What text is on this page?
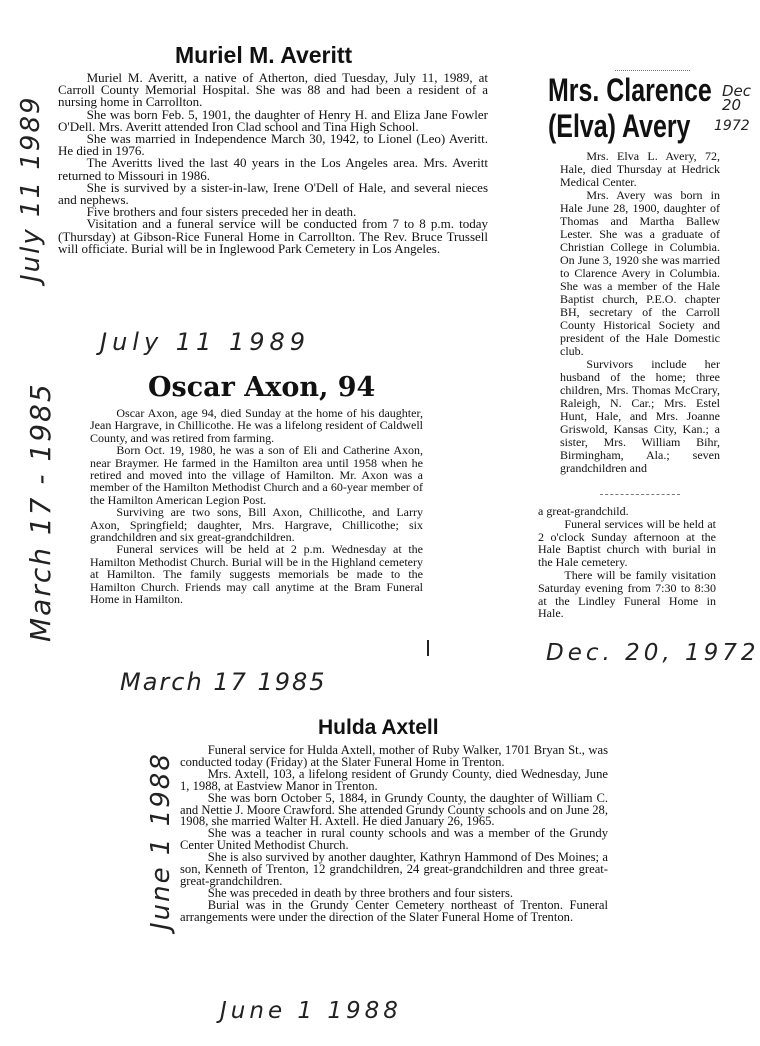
Muriel M. Averitt

Muriel M. Averitt, a native of Atherton, died Tuesday, July 11, 1989, at Carroll County Memorial Hospital. She was 88 and had been a resident of a nursing home in Carrollton.

She was born Feb. 5, 1901, the daughter of Henry H. and Eliza Jane Fowler O'Dell. Mrs. Averitt attended Iron Clad school and Tina High School.

She was married in Independence March 30, 1942, to Lionel (Leo) Averitt. He died in 1976.

The Averitts lived the last 40 years in the Los Angeles area. Mrs. Averitt returned to Missouri in 1986.

She is survived by a sister-in-law, Irene O'Dell of Hale, and several nieces and nephews.

Five brothers and four sisters preceded her in death.

Visitation and a funeral service will be conducted from 7 to 8 p.m. today (Thursday) at Gibson-Rice Funeral Home in Carrollton. The Rev. Bruce Trussell will officiate. Burial will be in Inglewood Park Cemetery in Los Angeles.

July 11 1989
July 11 1989
Oscar Axon, 94

Oscar Axon, age 94, died Sunday at the home of his daughter, Jean Hargrave, in Chillicothe. He was a lifelong resident of Caldwell County, and was retired from farming.

Born Oct. 19, 1980, he was a son of Eli and Catherine Axon, near Braymer. He farmed in the Hamilton area until 1958 when he retired and moved into the village of Hamilton. Mr. Axon was a member of the Hamilton Methodist Church and a 60-year member of the Hamilton American Legion Post.

Surviving are two sons, Bill Axon, Chillicothe, and Larry Axon, Springfield; daughter, Mrs. Hargrave, Chillicothe; six grandchildren and six great-grandchildren.

Funeral services will be held at 2 p.m. Wednesday at the Hamilton Methodist Church. Burial will be in the Highland cemetery at Hamilton. The family suggests memorials be made to the Hamilton Church. Friends may call anytime at the Bram Funeral Home in Hamilton.

March 17 - 1985
March 17 1985
Mrs. Clarence
(Elva) Avery
Dec 20
1972

Mrs. Elva L. Avery, 72, Hale, died Thursday at Hedrick Medical Center.

Mrs. Avery was born in Hale June 28, 1900, daughter of Thomas and Martha Ballew Lester. She was a graduate of Christian College in Columbia. On June 3, 1920 she was married to Clarence Avery in Columbia. She was a member of the Hale Baptist church, P.E.O. chapter BH, secretary of the Carroll County Historical Society and president of the Hale Domestic club.

Survivors include her husband of the home; three children, Mrs. Thomas McCrary, Raleigh, N. Car.; Mrs. Estel Hunt, Hale, and Mrs. Joanne Griswold, Kansas City, Kan.; a sister, Mrs. William Bihr, Birmingham, Ala.; seven grandchildren and

a great-grandchild.

Funeral services will be held at 2 o'clock Sunday afternoon at the Hale Baptist church with burial in the Hale cemetery.

There will be family visitation Saturday evening from 7:30 to 8:30 at the Lindley Funeral Home in Hale.

Dec. 20, 1972
Hulda Axtell

Funeral service for Hulda Axtell, mother of Ruby Walker, 1701 Bryan St., was conducted today (Friday) at the Slater Funeral Home in Trenton.

Mrs. Axtell, 103, a lifelong resident of Grundy County, died Wednesday, June 1, 1988, at Eastview Manor in Trenton.

She was born October 5, 1884, in Grundy County, the daughter of William C. and Nettie J. Moore Crawford. She attended Grundy County schools and on June 28, 1908, she married Walter H. Axtell. He died January 26, 1965.

She was a teacher in rural county schools and was a member of the Grundy Center United Methodist Church.

She is also survived by another daughter, Kathryn Hammond of Des Moines; a son, Kenneth of Trenton, 12 grandchildren, 24 great-grandchildren and three great-great-grandchildren.

She was preceded in death by three brothers and four sisters.

Burial was in the Grundy Center Cemetery northeast of Trenton. Funeral arrangements were under the direction of the Slater Funeral Home of Trenton.

June 1 1988
June 1 1988
